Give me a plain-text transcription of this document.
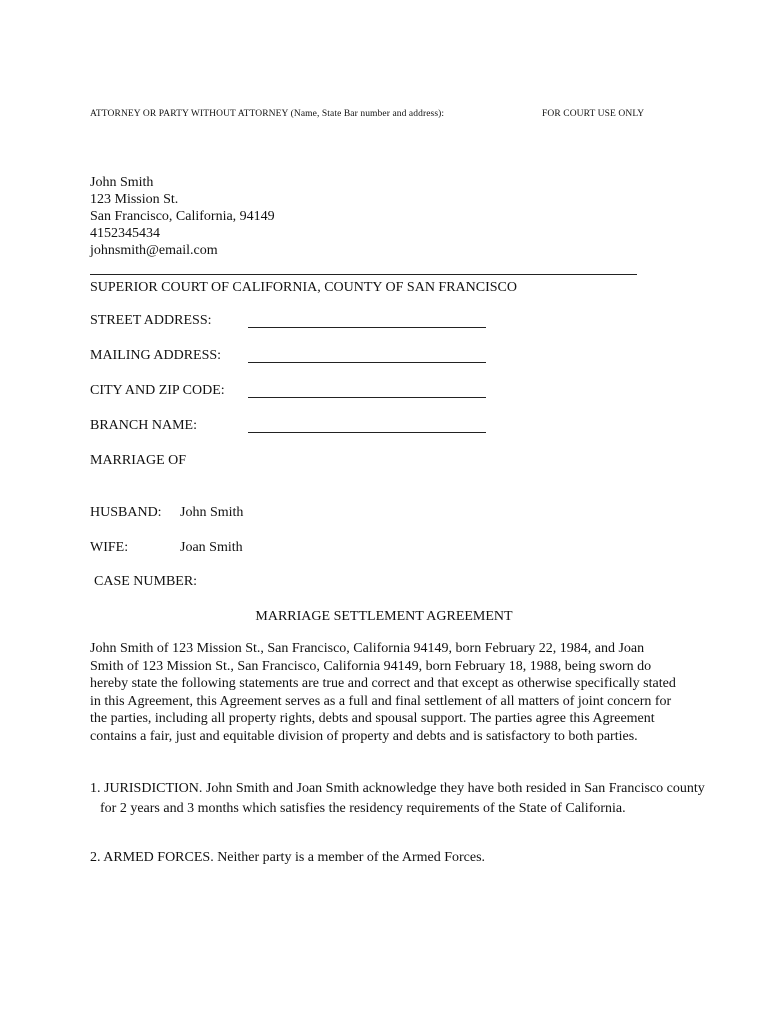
ATTORNEY OR PARTY WITHOUT ATTORNEY (Name, State Bar number and address):	FOR COURT USE ONLY
John Smith
123 Mission St.
San Francisco, California, 94149
4152345434
johnsmith@email.com
SUPERIOR COURT OF CALIFORNIA, COUNTY OF SAN FRANCISCO
STREET ADDRESS:
MAILING ADDRESS:
CITY AND ZIP CODE:
BRANCH NAME:
MARRIAGE OF
HUSBAND: John Smith
WIFE:	Joan Smith
CASE NUMBER:
MARRIAGE SETTLEMENT AGREEMENT
John Smith of 123 Mission St., San Francisco, California 94149, born February 22, 1984, and Joan Smith of 123 Mission St., San Francisco, California 94149, born February 18, 1988, being sworn do hereby state the following statements are true and correct and that except as otherwise specifically stated in this Agreement, this Agreement serves as a full and final settlement of all matters of joint concern for the parties, including all property rights, debts and spousal support. The parties agree this Agreement contains a fair, just and equitable division of property and debts and is satisfactory to both parties.
1. JURISDICTION. John Smith and Joan Smith acknowledge they have both resided in San Francisco county for 2 years and 3 months which satisfies the residency requirements of the State of California.
2. ARMED FORCES. Neither party is a member of the Armed Forces.
